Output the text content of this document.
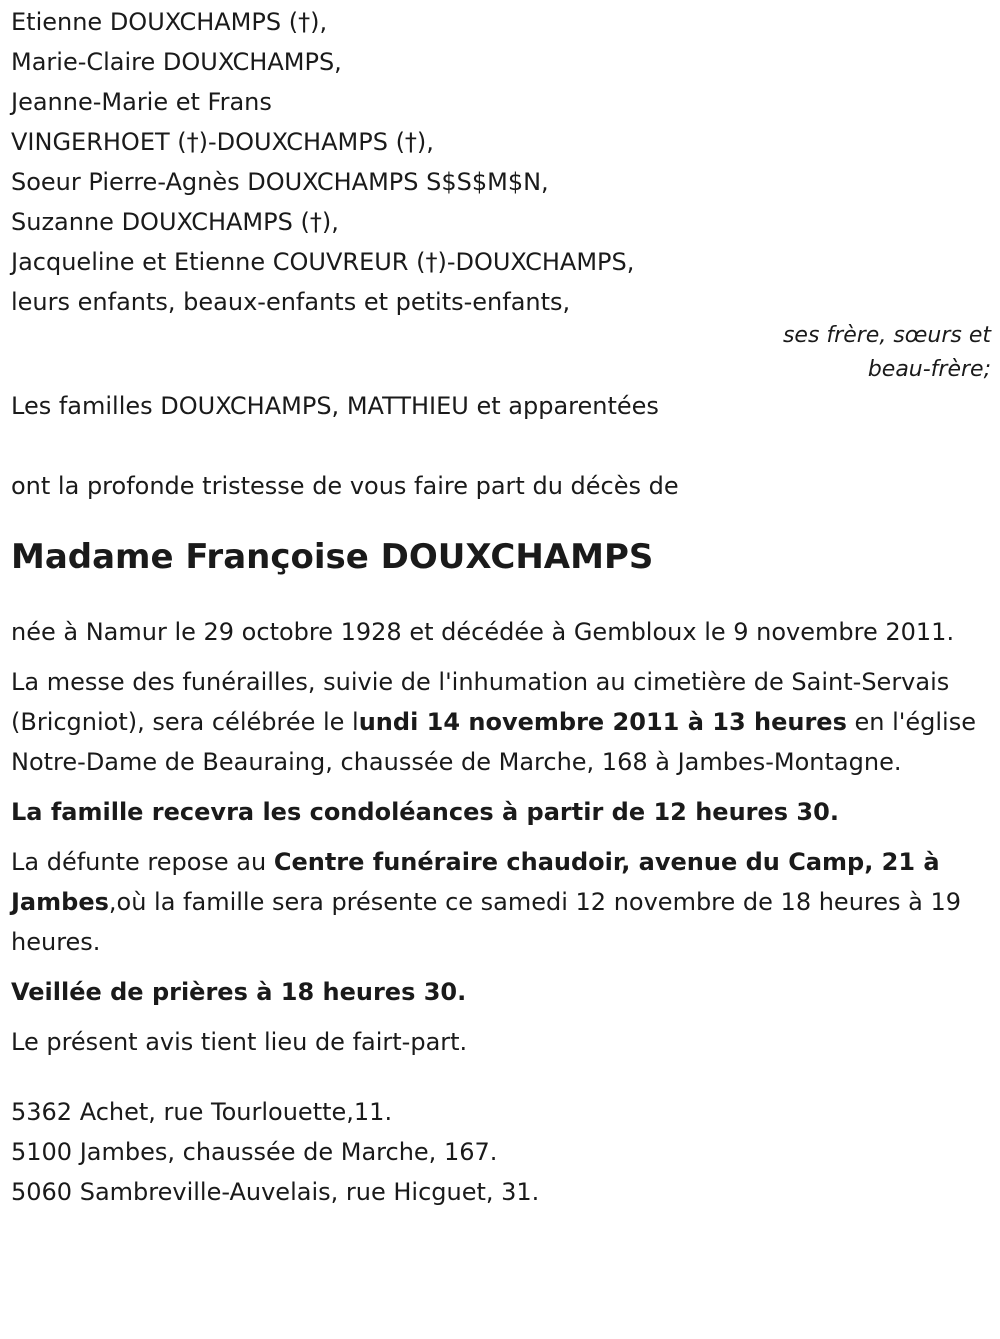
Etienne DOUXCHAMPS (†),
Marie-Claire DOUXCHAMPS,
Jeanne-Marie et Frans
VINGERHOET (†)-DOUXCHAMPS (†),
Soeur Pierre-Agnès DOUXCHAMPS S$S$M$N,
Suzanne DOUXCHAMPS (†),
Jacqueline et Etienne COUVREUR (†)-DOUXCHAMPS,
leurs enfants, beaux-enfants et petits-enfants,
ses frère, sœurs et
beau-frère;
Les familles DOUXCHAMPS, MATTHIEU et apparentées
ont la profonde tristesse de vous faire part du décès de
Madame Françoise DOUXCHAMPS

née à Namur le 29 octobre 1928 et décédée à Gembloux le 9 novembre 2011.

La messe des funérailles, suivie de l'inhumation au cimetière de Saint-Servais (Bricgniot), sera célébrée le lundi 14 novembre 2011 à 13 heures en l'église Notre-Dame de Beauraing, chaussée de Marche, 168 à Jambes-Montagne.

La famille recevra les condoléances à partir de 12 heures 30.

La défunte repose au Centre funéraire chaudoir, avenue du Camp, 21 à Jambes,où la famille sera présente ce samedi 12 novembre de 18 heures à 19 heures.

Veillée de prières à 18 heures 30.

Le présent avis tient lieu de fairt-part.

5362 Achet, rue Tourlouette,11.
5100 Jambes, chaussée de Marche, 167.
5060 Sambreville-Auvelais, rue Hicguet, 31.
